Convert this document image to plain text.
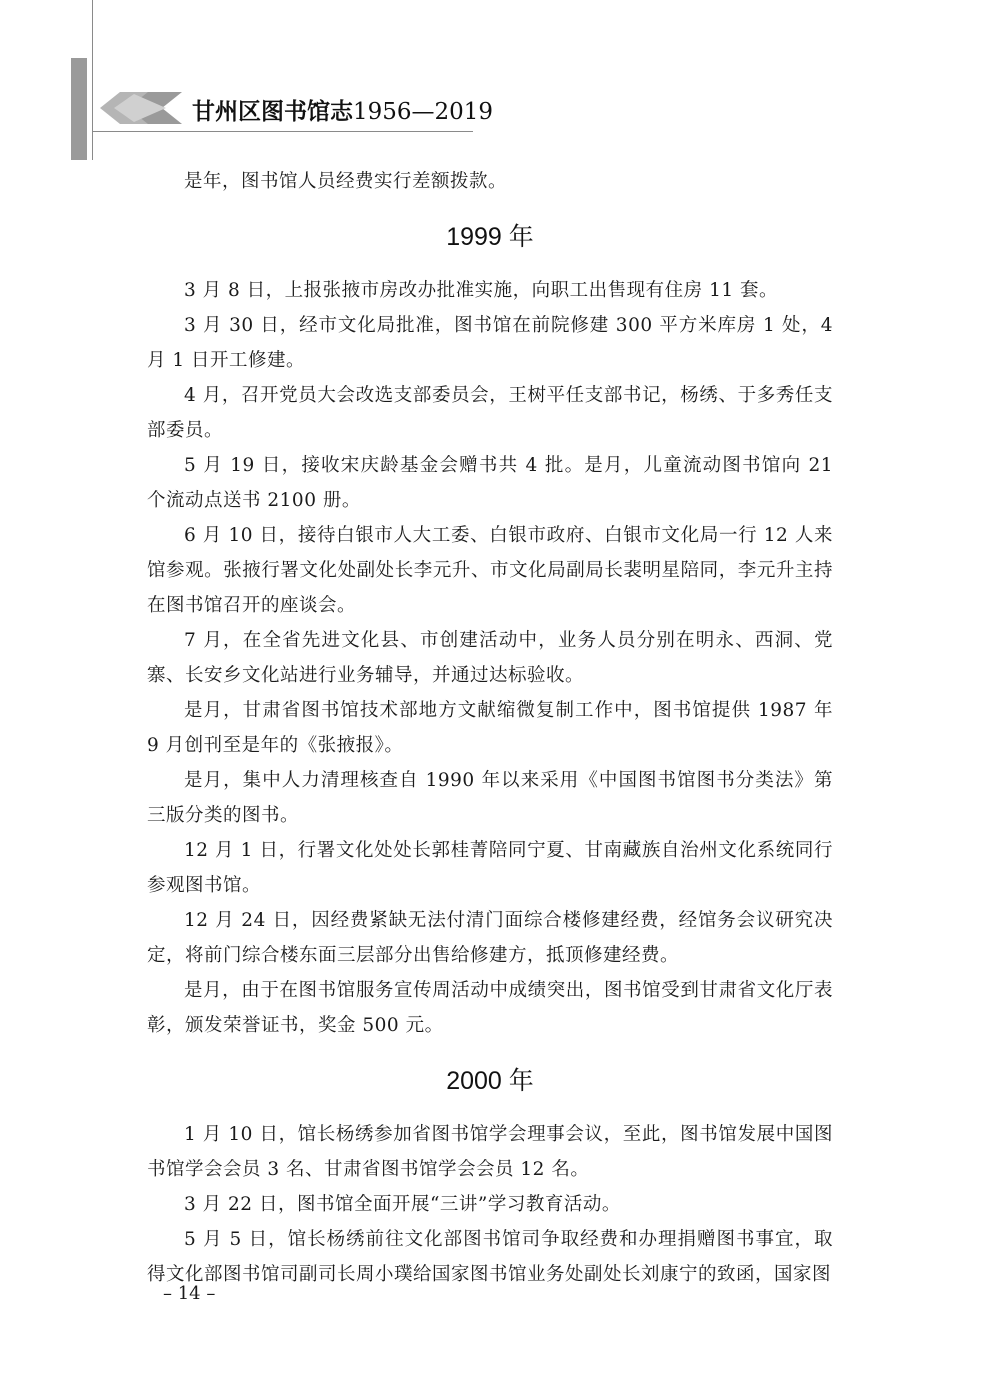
甘州区图书馆志1956—2019

是年，图书馆人员经费实行差额拨款。

1999 年

3 月 8 日，上报张掖市房改办批准实施，向职工出售现有住房 11 套。

3 月 30 日，经市文化局批准，图书馆在前院修建 300 平方米库房 1 处，4 月 1 日开工修建。

4 月，召开党员大会改选支部委员会，王树平任支部书记，杨绣、于多秀任支部委员。

5 月 19 日，接收宋庆龄基金会赠书共 4 批。是月，儿童流动图书馆向 21 个流动点送书 2100 册。

6 月 10 日，接待白银市人大工委、白银市政府、白银市文化局一行 12 人来馆参观。张掖行署文化处副处长李元升、市文化局副局长裴明星陪同，李元升主持在图书馆召开的座谈会。

7 月，在全省先进文化县、市创建活动中，业务人员分别在明永、西洞、党寨、长安乡文化站进行业务辅导，并通过达标验收。

是月，甘肃省图书馆技术部地方文献缩微复制工作中，图书馆提供 1987 年 9 月创刊至是年的《张掖报》。

是月，集中人力清理核查自 1990 年以来采用《中国图书馆图书分类法》第三版分类的图书。

12 月 1 日，行署文化处处长郭桂菁陪同宁夏、甘南藏族自治州文化系统同行参观图书馆。

12 月 24 日，因经费紧缺无法付清门面综合楼修建经费，经馆务会议研究决定，将前门综合楼东面三层部分出售给修建方，抵顶修建经费。

是月，由于在图书馆服务宣传周活动中成绩突出，图书馆受到甘肃省文化厅表彰，颁发荣誉证书，奖金 500 元。

2000 年

1 月 10 日，馆长杨绣参加省图书馆学会理事会议，至此，图书馆发展中国图书馆学会会员 3 名、甘肃省图书馆学会会员 12 名。

3 月 22 日，图书馆全面开展“三讲”学习教育活动。

5 月 5 日，馆长杨绣前往文化部图书馆司争取经费和办理捐赠图书事宜，取得文化部图书馆司副司长周小璞给国家图书馆业务处副处长刘康宁的致函，国家图

– 14 –
